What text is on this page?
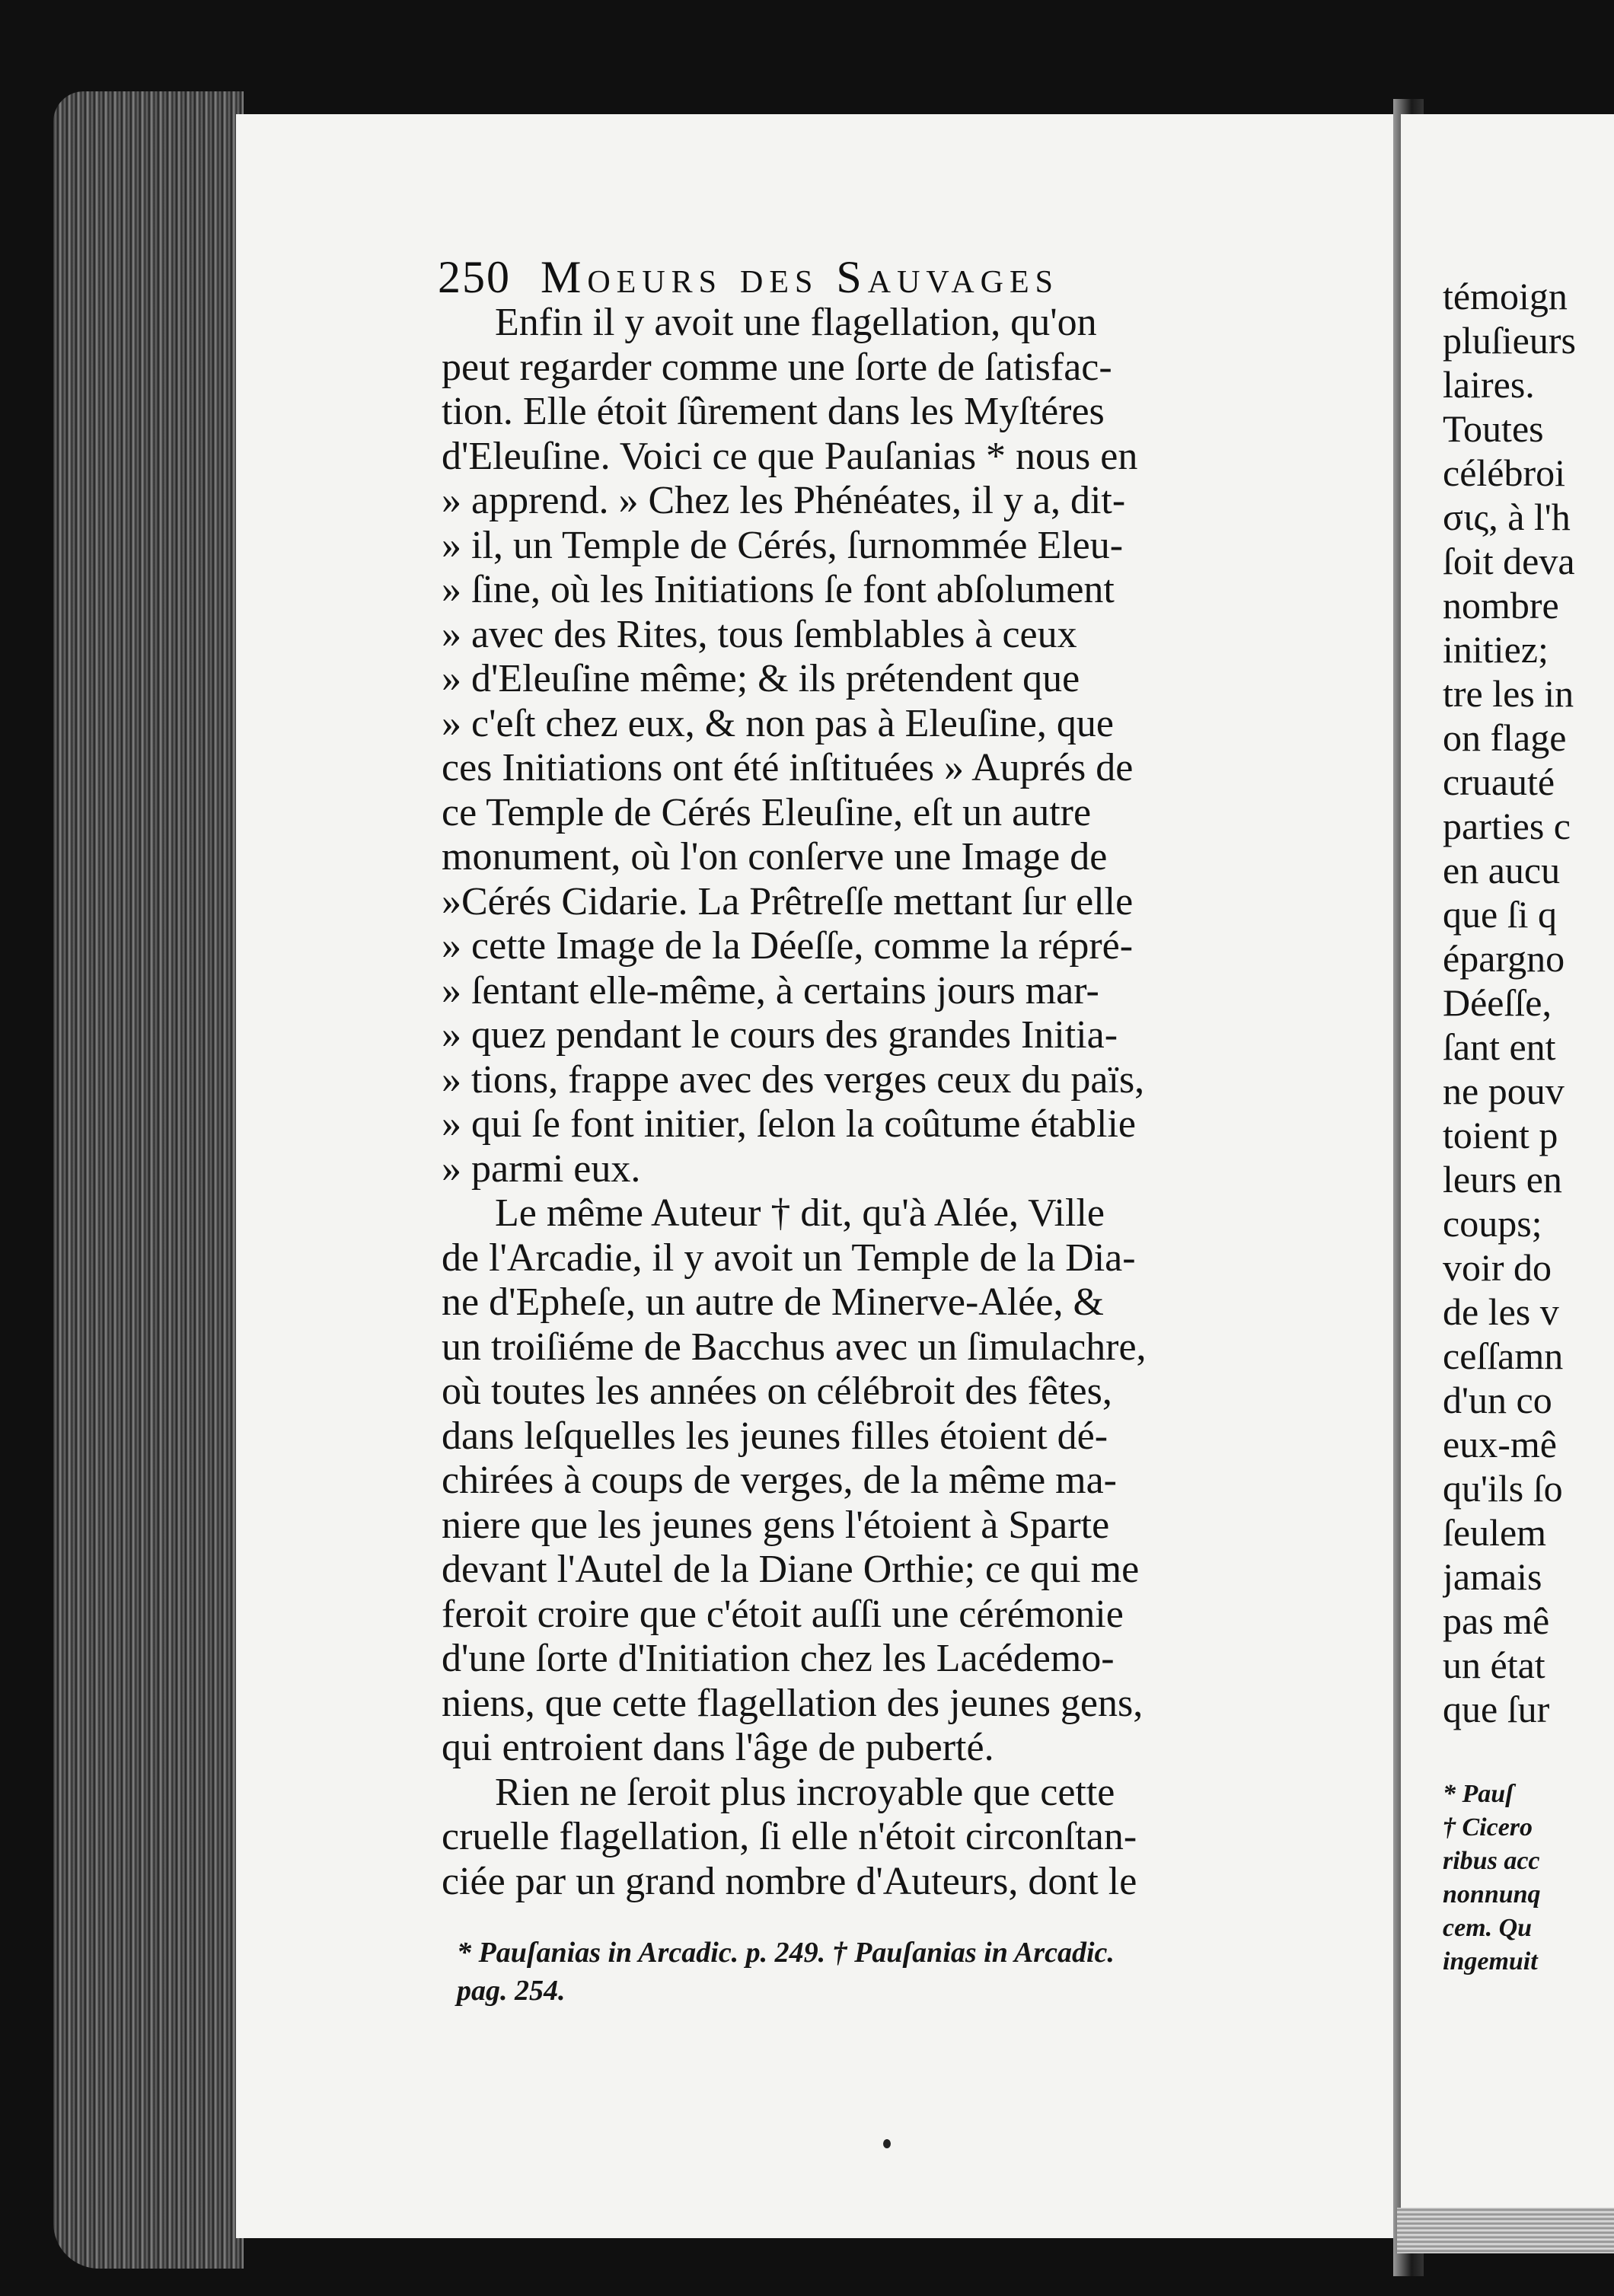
250 Moeurs des Sauvages
Enfin il y avoit une flagellation, qu'on
peut regarder comme une ſorte de ſatisfac-
tion. Elle étoit ſûrement dans les Myſtéres
d'Eleuſine. Voici ce que Pauſanias * nous en
» apprend. » Chez les Phénéates, il y a, dit-
» il, un Temple de Cérés, ſurnommée Eleu-
» ſine, où les Initiations ſe font abſolument
» avec des Rites, tous ſemblables à ceux
» d'Eleuſine même; & ils prétendent que
» c'eſt chez eux, & non pas à Eleuſine, que
ces Initiations ont été inſtituées » Auprés de
ce Temple de Cérés Eleuſine, eſt un autre
monument, où l'on conſerve une Image de
»Cérés Cidarie. La Prêtreſſe mettant ſur elle
» cette Image de la Déeſſe, comme la répré-
» ſentant elle-même, à certains jours mar-
» quez pendant le cours des grandes Initia-
» tions, frappe avec des verges ceux du païs,
» qui ſe font initier, ſelon la coûtume établie
» parmi eux.
Le même Auteur † dit, qu'à Alée, Ville
de l'Arcadie, il y avoit un Temple de la Dia-
ne d'Epheſe, un autre de Minerve-Alée, &
un troiſiéme de Bacchus avec un ſimulachre,
où toutes les années on célébroit des fêtes,
dans leſquelles les jeunes filles étoient dé-
chirées à coups de verges, de la même ma-
niere que les jeunes gens l'étoient à Sparte
devant l'Autel de la Diane Orthie; ce qui me
feroit croire que c'étoit auſſi une cérémonie
d'une ſorte d'Initiation chez les Lacédemo-
niens, que cette flagellation des jeunes gens,
qui entroient dans l'âge de puberté.
Rien ne ſeroit plus incroyable que cette
cruelle flagellation, ſi elle n'étoit circonſtan-
ciée par un grand nombre d'Auteurs, dont le
* Pauſanias in Arcadic. p. 249. † Pauſanias in Arcadic.
pag. 254.
témoign
pluſieurs
laires.
Toutes
célébroi
σις, à l'h
ſoit deva
nombre
initiez;
tre les in
on flage
cruauté
parties c
en aucu
que ſi q
épargno
Déeſſe,
ſant ent
ne pouv
toient p
leurs en
coups;
voir do
de les v
ceſſamn
d'un co
eux-mê
qu'ils ſo
ſeulem
jamais
pas mê
un état
que ſur
* Pauſ
† Cicero
ribus acc
nonnunq
cem. Qu
ingemuit
